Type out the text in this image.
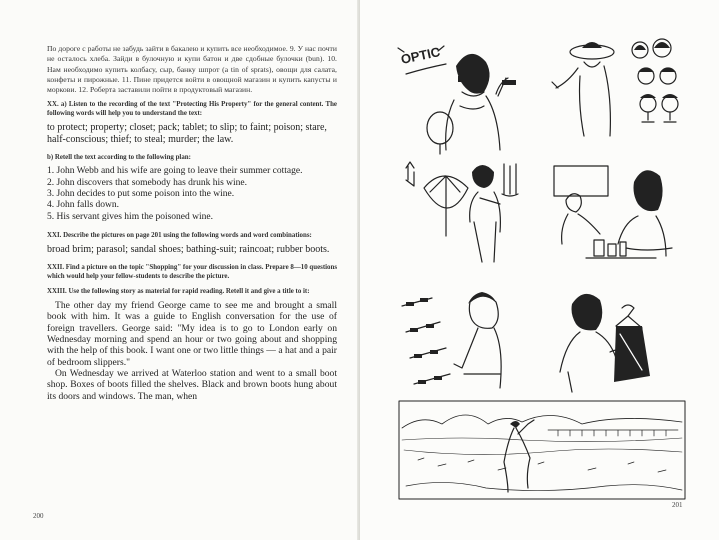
По дороге с работы не забудь зайти в бакалею и купить все необходимое. 9. У нас почти не осталось хлеба. Зайди в булочную и купи батон и две сдобные булочки (bun). 10. Нам необходимо купить колбасу, сыр, банку шпрот (a tin of sprats), овощи для салата, конфеты и пирожные. 11. Пине придется войти в овощной магазин и купить капусты и моркови. 12. Роберта заставили пойти в продуктовый магазин.
XX. a) Listen to the recording of the text "Protecting His Property" for the general content. The following words will help you to understand the text:
to protect; property; closet; pack; tablet; to slip; to faint; poison; stare, half-conscious; thief; to steal; murder; the law.
b) Retell the text according to the following plan:
1. John Webb and his wife are going to leave their summer cottage.
2. John discovers that somebody has drunk his wine.
3. John decides to put some poison into the wine.
4. John falls down.
5. His servant gives him the poisoned wine.
XXI. Describe the pictures on page 201 using the following words and word combinations:
broad brim; parasol; sandal shoes; bathing-suit; raincoat; rubber boots.
XXII. Find a picture on the topic "Shopping" for your discussion in class. Prepare 8—10 questions which would help your fellow-students to describe the picture.
XXIII. Use the following story as material for rapid reading. Retell it and give a title to it:
The other day my friend George came to see me and brought a small book with him. It was a guide to English conversation for the use of foreign travellers. George said: "My idea is to go to London early on Wednesday morning and spend an hour or two going about and shopping with the help of this book. I want one or two little things — a hat and a pair of bedroom slippers."
On Wednesday we arrived at Waterloo station and went to a small boot shop. Boxes of boots filled the shelves. Black and brown boots hung about its doors and windows. The man, when
200
OPTIC
201
